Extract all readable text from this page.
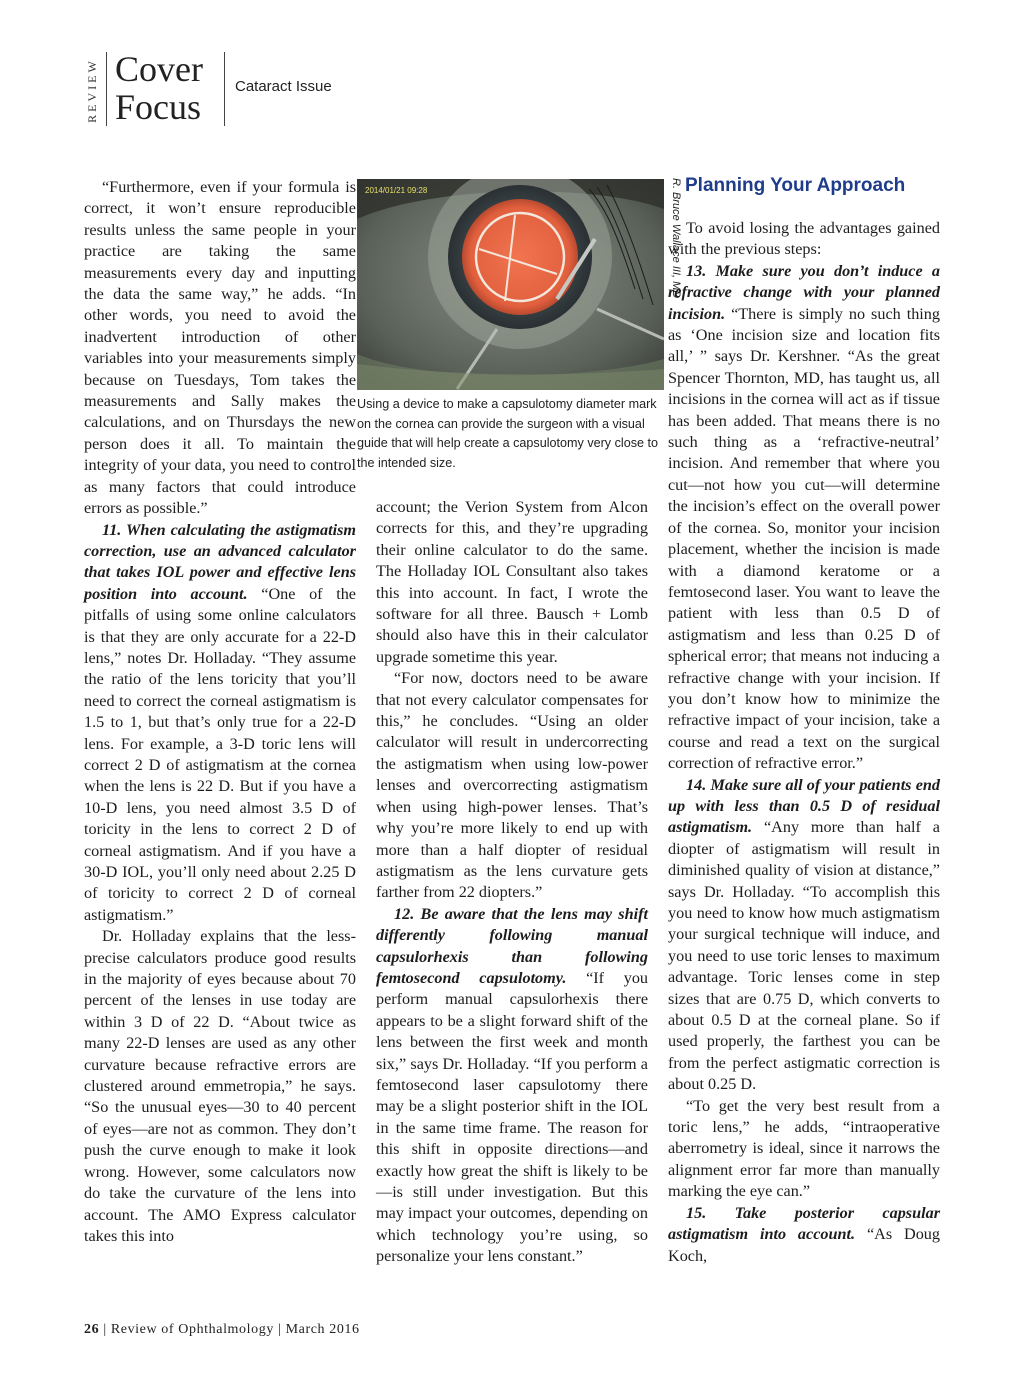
REVIEW Cover
Focus
Cataract Issue

“Furthermore, even if your formula is correct, it won’t ensure reproducible results unless the same people in your practice are taking the same measurements every day and inputting the data the same way,” he adds. “In other words, you need to avoid the inadvertent introduction of other variables into your measurements simply because on Tuesdays, Tom takes the measurements and Sally makes the calculations, and on Thursdays the new person does it all. To maintain the integrity of your data, you need to control as many factors that could introduce errors as possible.”

11. When calculating the astigmatism correction, use an advanced calculator that takes IOL power and effective lens position into account. “One of the pitfalls of using some online calculators is that they are only accurate for a 22-D lens,” notes Dr. Holladay. “They assume the ratio of the lens toricity that you’ll need to correct the corneal astigmatism is 1.5 to 1, but that’s only true for a 22-D lens. For example, a 3-D toric lens will correct 2 D of astigmatism at the cornea when the lens is 22 D. But if you have a 10-D lens, you need almost 3.5 D of toricity in the lens to correct 2 D of corneal astigmatism. And if you have a 30-D IOL, you’ll only need about 2.25 D of toricity to correct 2 D of corneal astigmatism.”

Dr. Holladay explains that the less-precise calculators produce good results in the majority of eyes because about 70 percent of the lenses in use today are within 3 D of 22 D. “About twice as many 22-D lenses are used as any other curvature because refractive errors are clustered around emmetropia,” he says. “So the unusual eyes—30 to 40 percent of eyes—are not as common. They don’t push the curve enough to make it look wrong. However, some calculators now do take the curvature of the lens into account. The AMO Express calculator takes this into

2014/01/21 09:28	R. Bruce Wallace III, MD
Using a device to make a capsulotomy diameter mark on the cornea can provide the surgeon with a visual guide that will help create a capsulotomy very close to the intended size.

account; the Verion System from Alcon corrects for this, and they’re upgrading their online calculator to do the same. The Holladay IOL Consultant also takes this into account. In fact, I wrote the software for all three. Bausch + Lomb should also have this in their calculator upgrade sometime this year.

“For now, doctors need to be aware that not every calculator compensates for this,” he concludes. “Using an older calculator will result in undercorrecting the astigmatism when using low-power lenses and overcorrecting astigmatism when using high-power lenses. That’s why you’re more likely to end up with more than a half diopter of residual astigmatism as the lens curvature gets farther from 22 diopters.”

12. Be aware that the lens may shift differently following manual capsulorhexis than following femtosecond capsulotomy. “If you perform manual capsulorhexis there appears to be a slight forward shift of the lens between the first week and month six,” says Dr. Holladay. “If you perform a femtosecond laser capsulotomy there may be a slight posterior shift in the IOL in the same time frame. The reason for this shift in opposite directions—and exactly how great the shift is likely to be—is still under investigation. But this may impact your outcomes, depending on which technology you’re using, so personalize your lens constant.”

Planning Your Approach

To avoid losing the advantages gained with the previous steps:

13. Make sure you don’t induce a refractive change with your planned incision. “There is simply no such thing as ‘One incision size and location fits all,’ ” says Dr. Kershner. “As the great Spencer Thornton, MD, has taught us, all incisions in the cornea will act as if tissue has been added. That means there is no such thing as a ‘refractive-neutral’ incision. And remember that where you cut—not how you cut—will determine the incision’s effect on the overall power of the cornea. So, monitor your incision placement, whether the incision is made with a diamond keratome or a femtosecond laser. You want to leave the patient with less than 0.5 D of astigmatism and less than 0.25 D of spherical error; that means not inducing a refractive change with your incision. If you don’t know how to minimize the refractive impact of your incision, take a course and read a text on the surgical correction of refractive error.”

14. Make sure all of your patients end up with less than 0.5 D of residual astigmatism. “Any more than half a diopter of astigmatism will result in diminished quality of vision at distance,” says Dr. Holladay. “To accomplish this you need to know how much astigmatism your surgical technique will induce, and you need to use toric lenses to maximum advantage. Toric lenses come in step sizes that are 0.75 D, which converts to about 0.5 D at the corneal plane. So if used properly, the farthest you can be from the perfect astigmatic correction is about 0.25 D.

“To get the very best result from a toric lens,” he adds, “intraoperative aberrometry is ideal, since it narrows the alignment error far more than manually marking the eye can.”

15. Take posterior capsular astigmatism into account. “As Doug Koch,

26 | Review of Ophthalmology | March 2016
